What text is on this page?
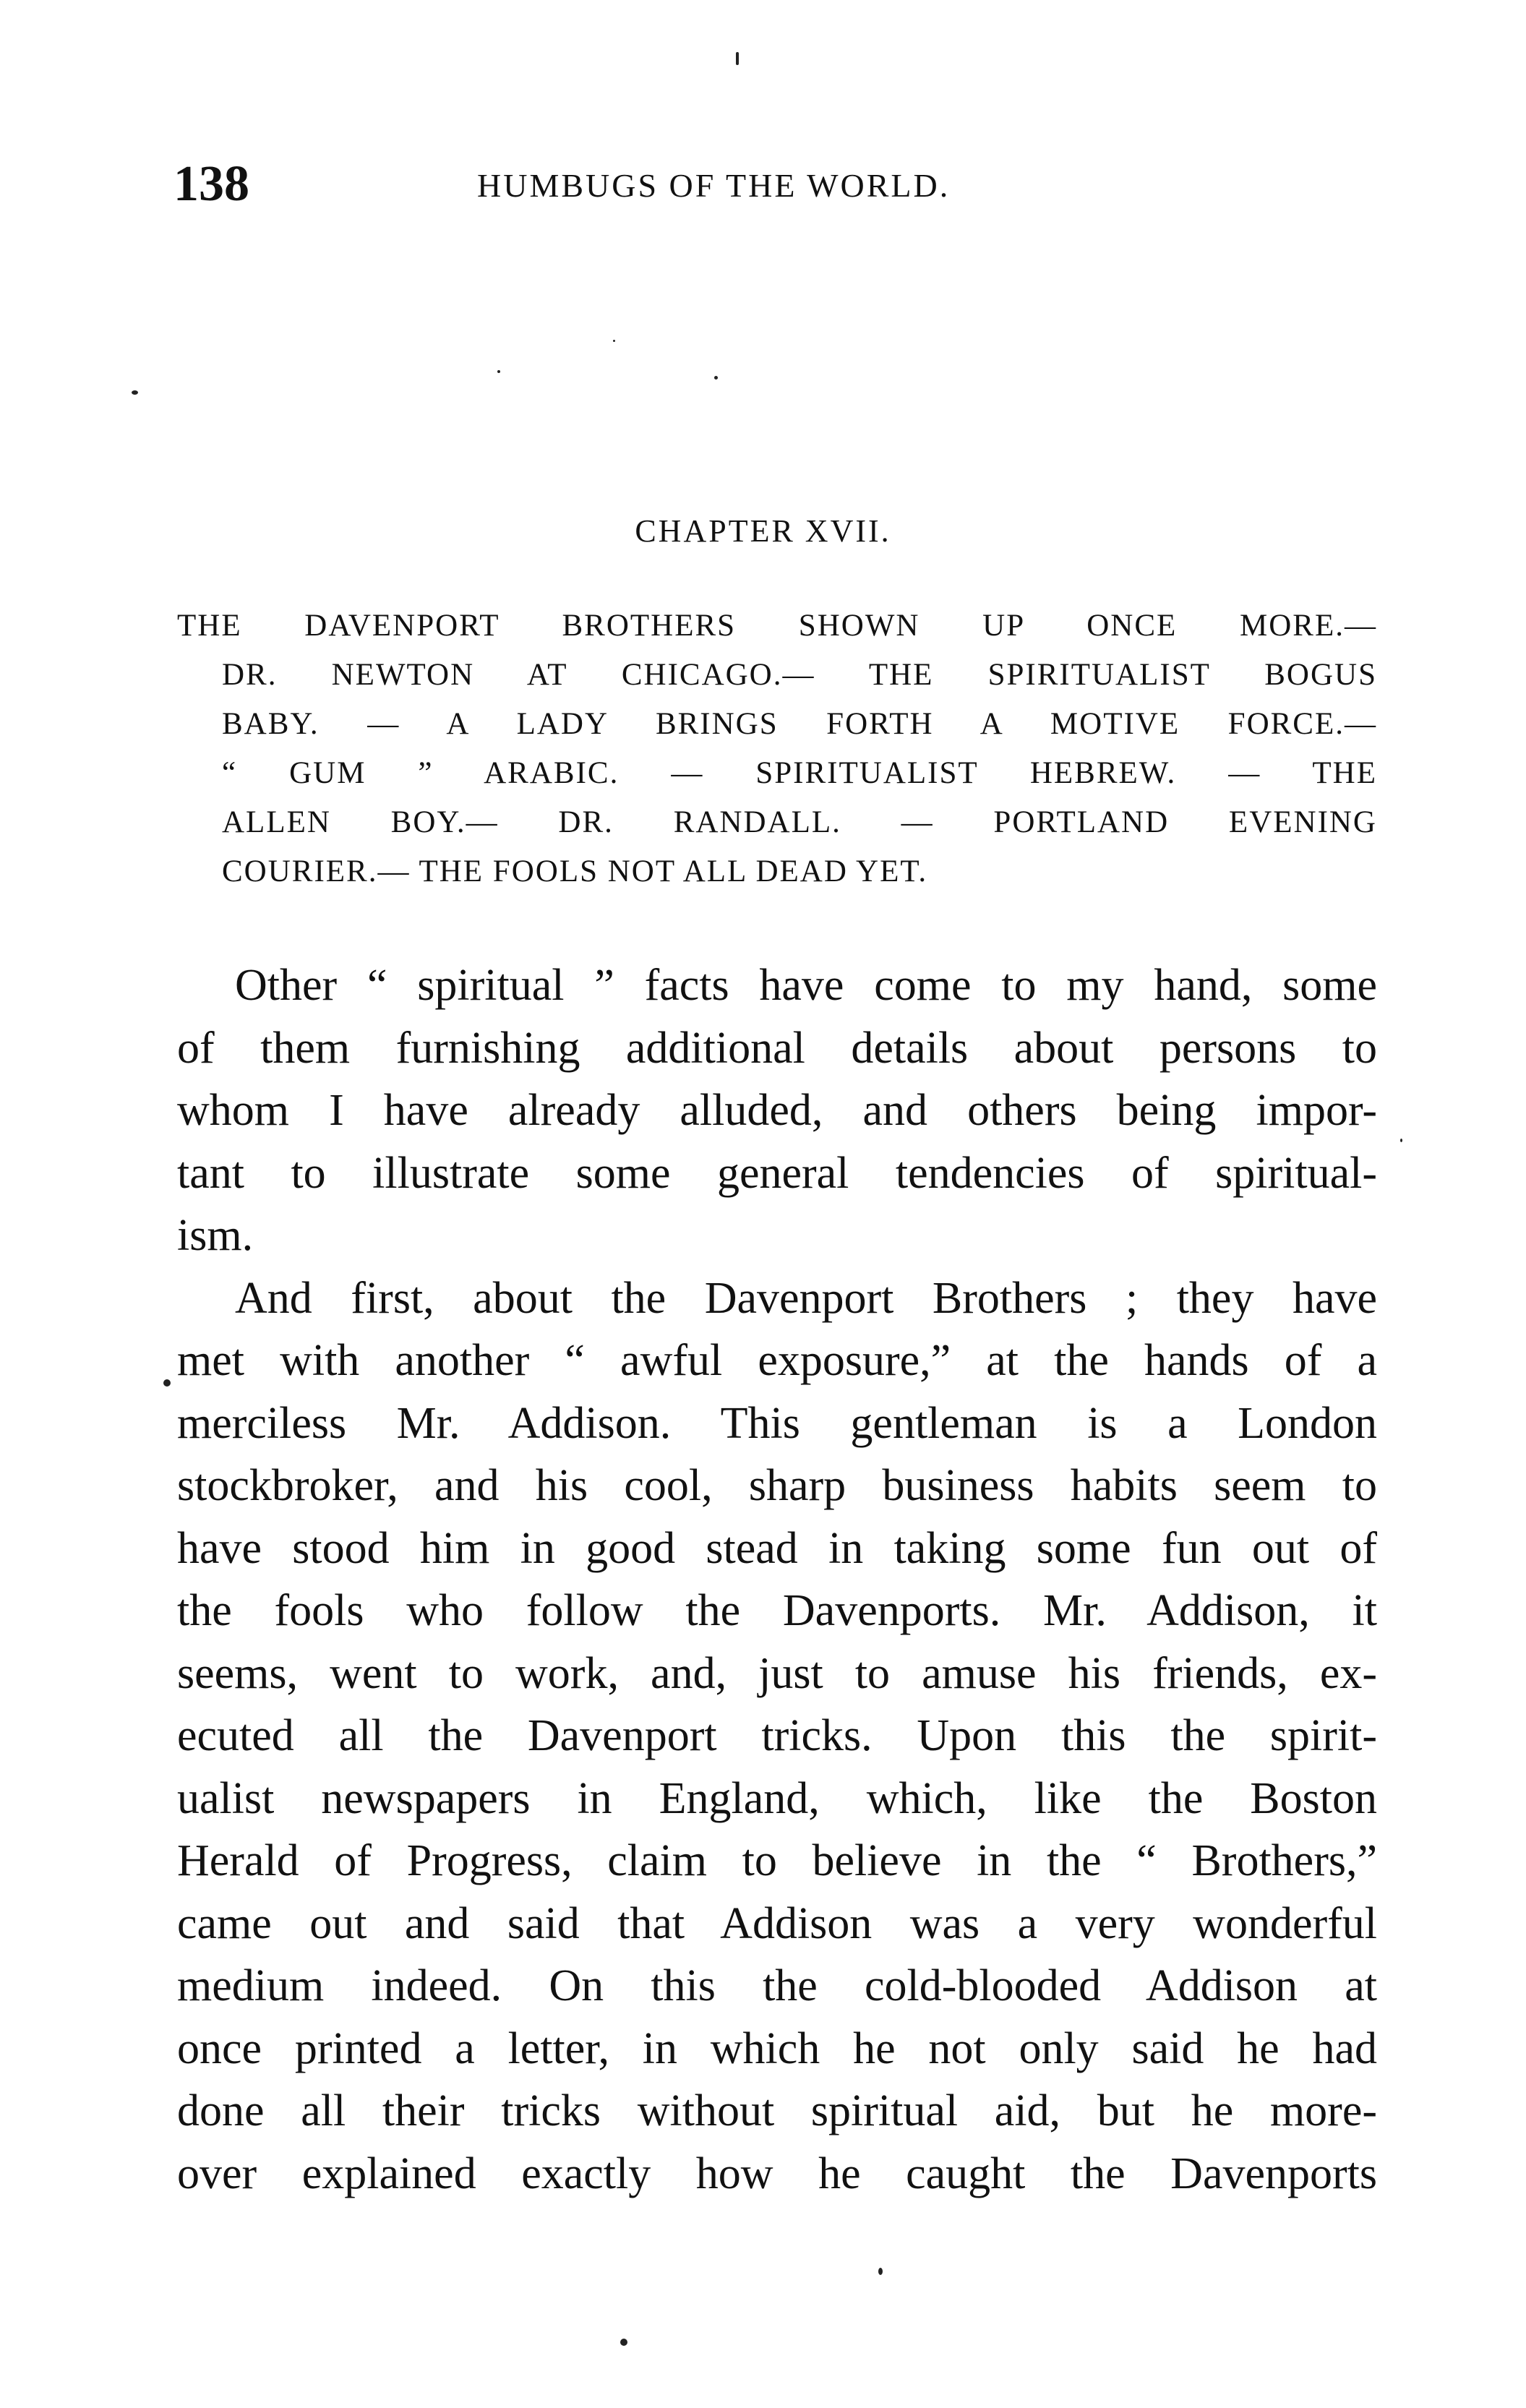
138	HUMBUGS OF THE WORLD.
CHAPTER XVII.
THE DAVENPORT BROTHERS SHOWN UP ONCE MORE.—
DR. NEWTON AT CHICAGO.— THE SPIRITUALIST BOGUS
BABY. — A LADY BRINGS FORTH A MOTIVE FORCE.—
“ GUM ” ARABIC. — SPIRITUALIST HEBREW. — THE
ALLEN BOY.— DR. RANDALL. — PORTLAND EVENING
COURIER.— THE FOOLS NOT ALL DEAD YET.
Other “ spiritual ” facts have come to my hand, some
of them furnishing additional details about persons to
whom I have already alluded, and others being impor-
tant to illustrate some general tendencies of spiritual-
ism.
And first, about the Davenport Brothers ; they have
met with another “ awful exposure,” at the hands of a
merciless Mr. Addison. This gentleman is a London
stockbroker, and his cool, sharp business habits seem to
have stood him in good stead in taking some fun out of
the fools who follow the Davenports. Mr. Addison, it
seems, went to work, and, just to amuse his friends, ex-
ecuted all the Davenport tricks. Upon this the spirit-
ualist newspapers in England, which, like the Boston
Herald of Progress, claim to believe in the “ Brothers,”
came out and said that Addison was a very wonderful
medium indeed. On this the cold-blooded Addison at
once printed a letter, in which he not only said he had
done all their tricks without spiritual aid, but he more-
over explained exactly how he caught the Davenports
